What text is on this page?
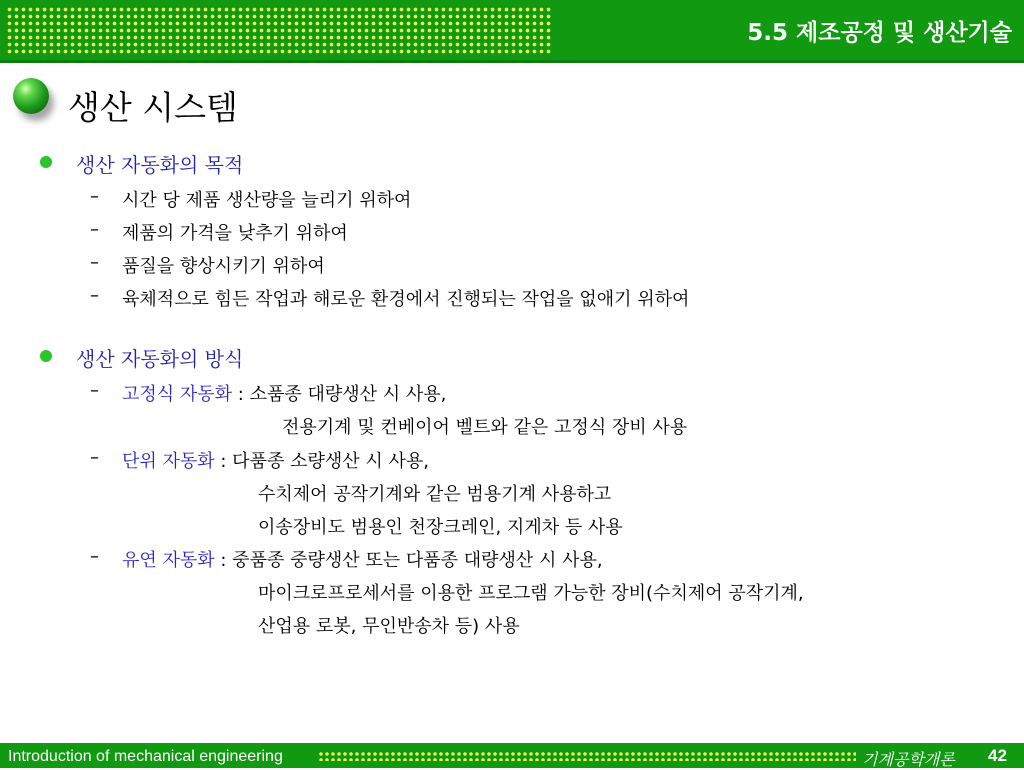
5.5 제조공정 및 생산기술
생산 시스템
생산 자동화의 목적
– 시간 당 제품 생산량을 늘리기 위하여
– 제품의 가격을 낮추기 위하여
– 품질을 향상시키기 위하여
– 육체적으로 힘든 작업과 해로운 환경에서 진행되는 작업을 없애기 위하여
생산 자동화의 방식
– 고정식 자동화 : 소품종 대량생산 시 사용,
전용기계 및 컨베이어 벨트와 같은 고정식 장비 사용
– 단위 자동화 : 다품종 소량생산 시 사용,
수치제어 공작기계와 같은 범용기계 사용하고
이송장비도 범용인 천장크레인, 지게차 등 사용
– 유연 자동화 : 중품종 중량생산 또는 다품종 대량생산 시 사용,
마이크로프로세서를 이용한 프로그램 가능한 장비(수치제어 공작기계,
산업용 로봇, 무인반송차 등) 사용
Introduction of mechanical engineering	기계공학개론 42
